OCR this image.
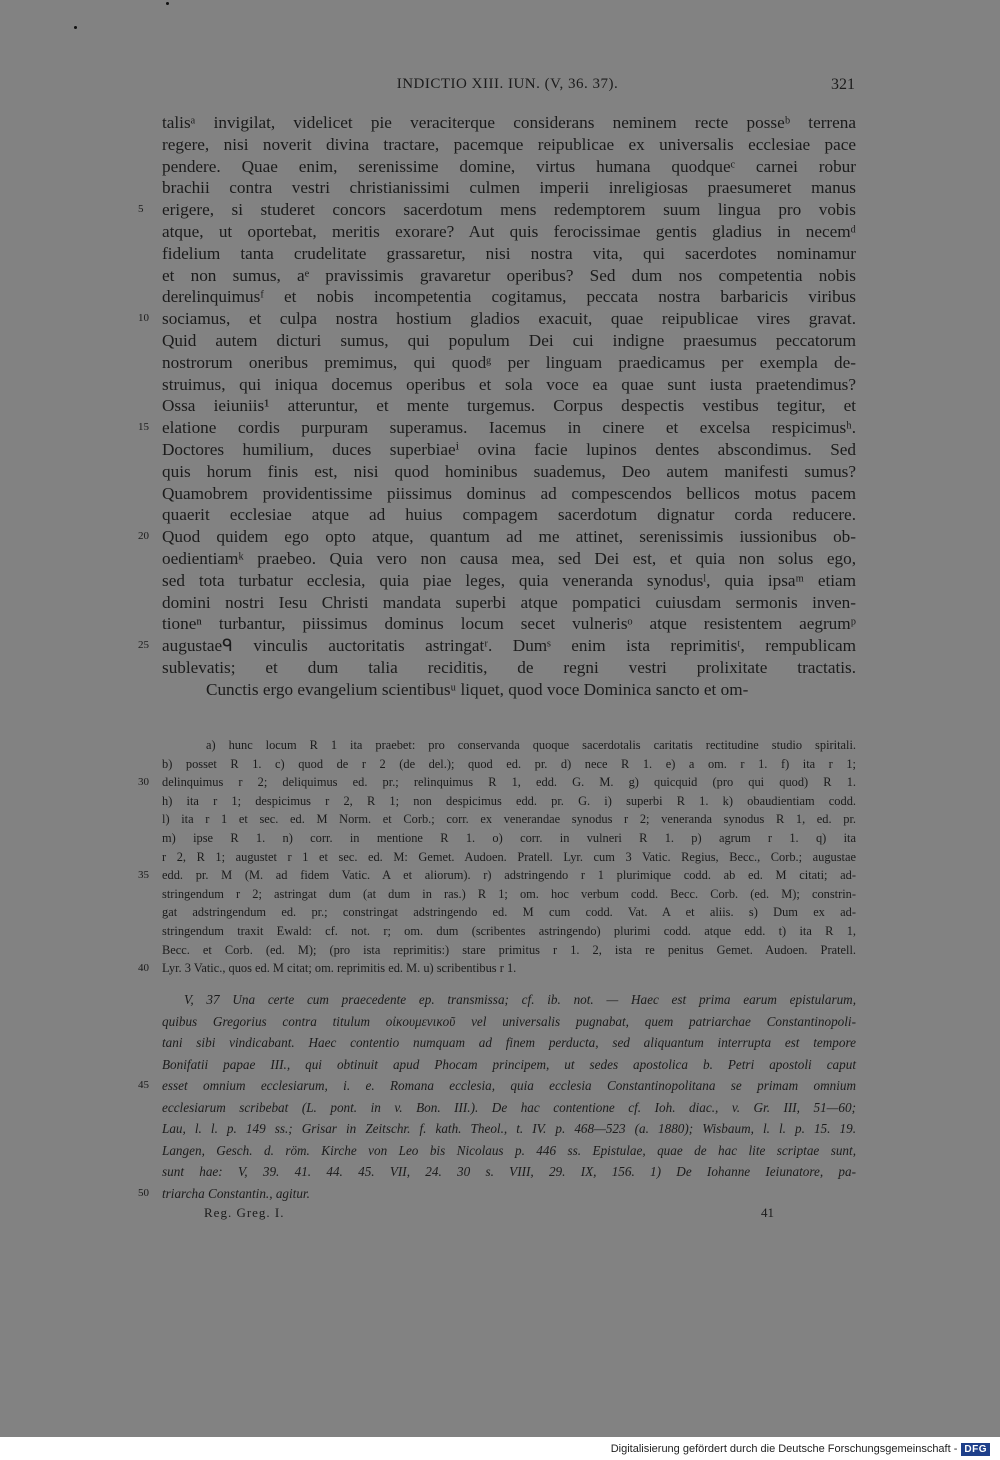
INDICTIO XIII. IUN. (V, 36. 37).	321
talisᵃ invigilat, videlicet pie veraciterque considerans neminem recte posseᵇ terrena
regere, nisi noverit divina tractare, pacemque reipublicae ex universalis ecclesiae pace
pendere. Quae enim, serenissime domine, virtus humana quodqueᶜ carnei robur
brachii contra vestri christianissimi culmen imperii inreligiosas praesumeret manus
5 erigere, si studeret concors sacerdotum mens redemptorem suum lingua pro vobis
atque, ut oportebat, meritis exorare? Aut quis ferocissimae gentis gladius in necemᵈ
fidelium tanta crudelitate grassaretur, nisi nostra vita, qui sacerdotes nominamur
et non sumus, aᵉ pravissimis gravaretur operibus? Sed dum nos competentia nobis
derelinquimusᶠ et nobis incompetentia cogitamus, peccata nostra barbaricis viribus
10 sociamus, et culpa nostra hostium gladios exacuit, quae reipublicae vires gravat.
Quid autem dicturi sumus, qui populum Dei cui indigne praesumus peccatorum
nostrorum oneribus premimus, qui quodᵍ per linguam praedicamus per exempla de-
struimus, qui iniqua docemus operibus et sola voce ea quae sunt iusta praetendimus?
Ossa ieiuniis¹ atteruntur, et mente turgemus. Corpus despectis vestibus tegitur, et
15 elatione cordis purpuram superamus. Iacemus in cinere et excelsa respicimusʰ.
Doctores humilium, duces superbiaeⁱ ovina facie lupinos dentes abscondimus. Sed
quis horum finis est, nisi quod hominibus suademus, Deo autem manifesti sumus?
Quamobrem providentissime piissimus dominus ad compescendos bellicos motus pacem
quaerit ecclesiae atque ad huius compagem sacerdotum dignatur corda reducere.
20 Quod quidem ego opto atque, quantum ad me attinet, serenissimis iussionibus ob-
oedientiamᵏ praebeo. Quia vero non causa mea, sed Dei est, et quia non solus ego,
sed tota turbatur ecclesia, quia piae leges, quia veneranda synodusˡ, quia ipsaᵐ etiam
domini nostri Iesu Christi mandata superbi atque pompatici cuiusdam sermonis inven-
tioneⁿ turbantur, piissimus dominus locum secet vulnerisᵒ atque resistentem aegrumᵖ
25 augustaeᑫ vinculis auctoritatis astringatʳ. Dumˢ enim ista reprimitisᵗ, rempublicam
sublevatis; et dum talia reciditis, de regni vestri prolixitate tractatis.
Cunctis ergo evangelium scientibusᵘ liquet, quod voce Dominica sancto et om-
a) hunc locum R 1 ita praebet: pro conservanda quoque sacerdotalis caritatis rectitudine studio spiritali.
b) posset R 1. c) quod de r 2 (de del.); quod ed. pr. d) nece R 1. e) a om. r 1. f) ita r 1;
30 delinquimus r 2; deliquimus ed. pr.; relinquimus R 1, edd. G. M. g) quicquid (pro qui quod) R 1.
h) ita r 1; despicimus r 2, R 1; non despicimus edd. pr. G. i) superbi R 1. k) obaudientiam codd.
l) ita r 1 et sec. ed. M Norm. et Corb.; corr. ex venerandae synodus r 2; veneranda synodus R 1, ed. pr.
m) ipse R 1. n) corr. in mentione R 1. o) corr. in vulneri R 1. p) agrum r 1. q) ita
r 2, R 1; augustet r 1 et sec. ed. M: Gemet. Audoen. Pratell. Lyr. cum 3 Vatic. Regius, Becc., Corb.; augustae
35 edd. pr. M (M. ad fidem Vatic. A et aliorum). r) adstringendo r 1 plurimique codd. ab ed. M citati; ad-
stringendum r 2; astringat dum (at dum in ras.) R 1; om. hoc verbum codd. Becc. Corb. (ed. M); constrin-
gat adstringendum ed. pr.; constringat adstringendo ed. M cum codd. Vat. A et aliis. s) Dum ex ad-
stringendum traxit Ewald: cf. not. r; om. dum (scribentes astringendo) plurimi codd. atque edd. t) ita R 1,
Becc. et Corb. (ed. M); (pro ista reprimitis:) stare primitus r 1. 2, ista re penitus Gemet. Audoen. Pratell.
40 Lyr. 3 Vatic., quos ed. M citat; om. reprimitis ed. M. u) scribentibus r 1.
V, 37 Una certe cum praecedente ep. transmissa; cf. ib. not. — Haec est prima earum epistularum,
quibus Gregorius contra titulum οἰκουμενικοῦ vel universalis pugnabat, quem patriarchae Constantinopoli-
tani sibi vindicabant. Haec contentio numquam ad finem perducta, sed aliquantum interrupta est tempore
Bonifatii papae III., qui obtinuit apud Phocam principem, ut sedes apostolica b. Petri apostoli caput
45 esset omnium ecclesiarum, i. e. Romana ecclesia, quia ecclesia Constantinopolitana se primam omnium
ecclesiarum scribebat (L. pont. in v. Bon. III.). De hac contentione cf. Ioh. diac., v. Gr. III, 51—60;
Lau, l. l. p. 149 ss.; Grisar in Zeitschr. f. kath. Theol., t. IV. p. 468—523 (a. 1880); Wisbaum, l. l. p. 15. 19.
Langen, Gesch. d. röm. Kirche von Leo bis Nicolaus p. 446 ss. Epistulae, quae de hac lite scriptae sunt,
sunt hae: V, 39. 41. 44. 45. VII, 24. 30 s. VIII, 29. IX, 156. 1) De Iohanne Ieiunatore, pa-
50 triarcha Constantin., agitur.
Reg. Greg. I.	41
Digitalisierung gefördert durch die Deutsche Forschungsgemeinschaft - DFG
